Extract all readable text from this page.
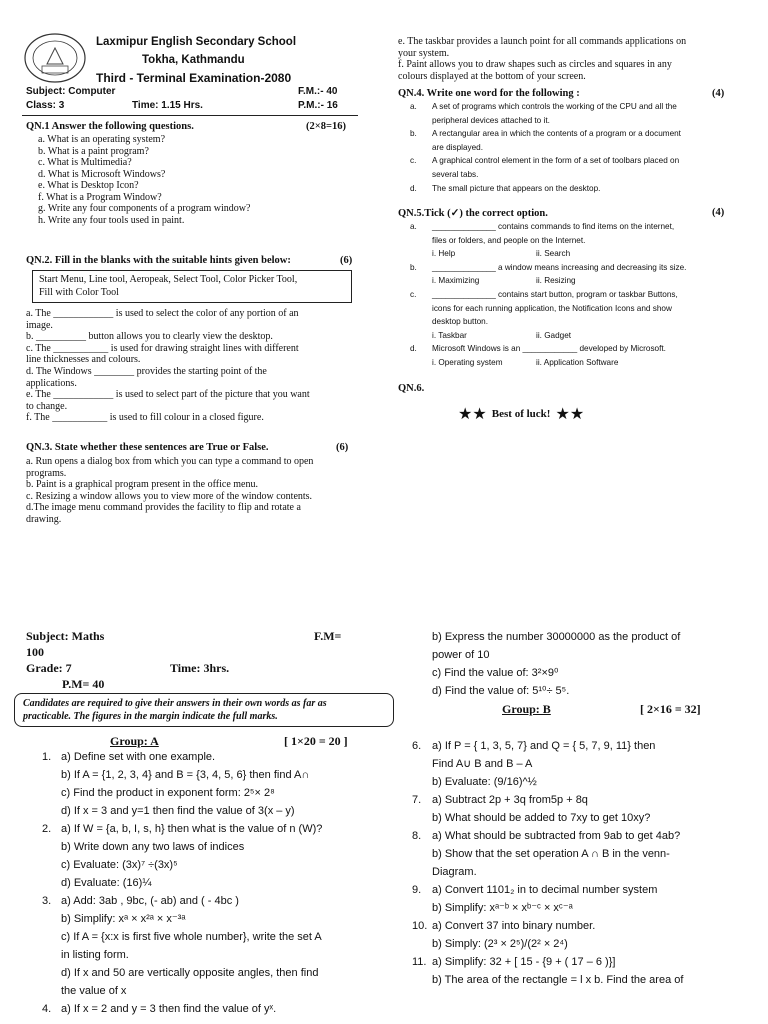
Laxmipur English Secondary School
Tokha, Kathmandu
Third - Terminal Examination-2080
Subject: Computer	F.M.:- 40
Class: 3	Time: 1.15 Hrs.	P.M.:- 16
QN.1 Answer the following questions.	(2×8=16)
a. What is an operating system?
b. What is a paint program?
c. What is Multimedia?
d. What is Microsoft Windows?
e. What is Desktop Icon?
f. What is a Program Window?
g. Write any four components of a program window?
h. Write any four tools used in paint.
QN.2. Fill in the blanks with the suitable hints given below:	(6)
Start Menu, Line tool, Aeropeak, Select Tool, Color Picker Tool,
Fill with Color Tool
a. The ____________ is used to select the color of any portion of an
image.
b. __________ button allows you to clearly view the desktop.
c. The ___________ is used for drawing straight lines with different
line thicknesses and colours.
d. The Windows ________ provides the starting point of the
applications.
e. The ____________ is used to select part of the picture that you want
to change.
f. The ___________ is used to fill colour in a closed figure.
QN.3. State whether these sentences are True or False.	(6)
a. Run opens a dialog box from which you can type a command to open
programs.
b. Paint is a graphical program present in the office menu.
c. Resizing a window allows you to view more of the window contents.
d.The image menu command provides the facility to flip and rotate a
drawing.
e. The taskbar provides a launch point for all commands applications on
your system.
f. Paint allows you to draw shapes such as circles and squares in any
colours displayed at the bottom of your screen.
QN.4. Write one word for the following :	(4)
a. A set of programs which controls the working of the CPU and all the
peripheral devices attached to it.
b. A rectangular area in which the contents of a program or a document
are displayed.
c. A graphical control element in the form of a set of toolbars placed on
several tabs.
d. The small picture that appears on the desktop.
QN.5.Tick (✓) the correct option.	(4)
a. ______________ contains commands to find items on the internet,
files or folders, and people on the Internet.
i. Help	ii. Search
b. ______________ a window means increasing and decreasing its size.
i. Maximizing	ii. Resizing
c. ______________ contains start button, program or taskbar Buttons,
icons for each running application, the Notification Icons and show
desktop button.
i. Taskbar	ii. Gadget
d. Microsoft Windows is an ____________ developed by Microsoft.
i. Operating system	ii. Application Software
QN.6.
★★ Best of luck! ★★
Subject: Maths	F.M=
100
Grade: 7	Time: 3hrs.
P.M= 40
Candidates are required to give their answers in their own words as far as
practicable. The figures in the margin indicate the full marks.
Group: A	[ 1×20 = 20 ]
1. a) Define set with one example.
b) If A = {1, 2, 3, 4} and B = {3, 4, 5, 6} then find A∩
c) Find the product in exponent form: 2⁵× 2⁸
d) If x = 3 and y=1 then find the value of 3(x – y)
2. a) If W = {a, b, I, s, h} then what is the value of n (W)?
b) Write down any two laws of indices
c) Evaluate: (3x)⁷ ÷(3x)⁵
d) Evaluate: (16)¼
3. a) Add: 3ab , 9bc, (- ab) and ( - 4bc )
b) Simplify: xᵃ × x²ᵃ × x⁻³ᵃ
c) If A = {x:x is first five whole number}, write the set A
in listing form.
d) If x and 50 are vertically opposite angles, then find
the value of x
4. a) If x = 2 and y = 3 then find the value of yˣ.
b) Express the number 30000000 as the product of
power of 10
c) Find the value of: 3²×9⁰
d) Find the value of: 5¹⁰÷ 5⁵.
Group: B	[ 2×16 = 32]
6. a) If P = { 1, 3, 5, 7} and Q = { 5, 7, 9, 11} then
Find A∪ B and B – A
b) Evaluate: (9/16)^½
7. a) Subtract 2p + 3q from5p + 8q
b) What should be added to 7xy to get 10xy?
8. a) What should be subtracted from 9ab to get 4ab?
b) Show that the set operation A ∩ B in the venn-
Diagram.
9. a) Convert 1101₂ in to decimal number system
b) Simplify: xᵃ⁻ᵇ × xᵇ⁻ᶜ × xᶜ⁻ᵃ
10. a) Convert 37 into binary number.
b) Simply: (2³ × 2⁵)/(2² × 2⁴)
11. a) Simplify: 32 + [ 15 - {9 + ( 17 – 6 )}]
b) The area of the rectangle = l x b. Find the area of
